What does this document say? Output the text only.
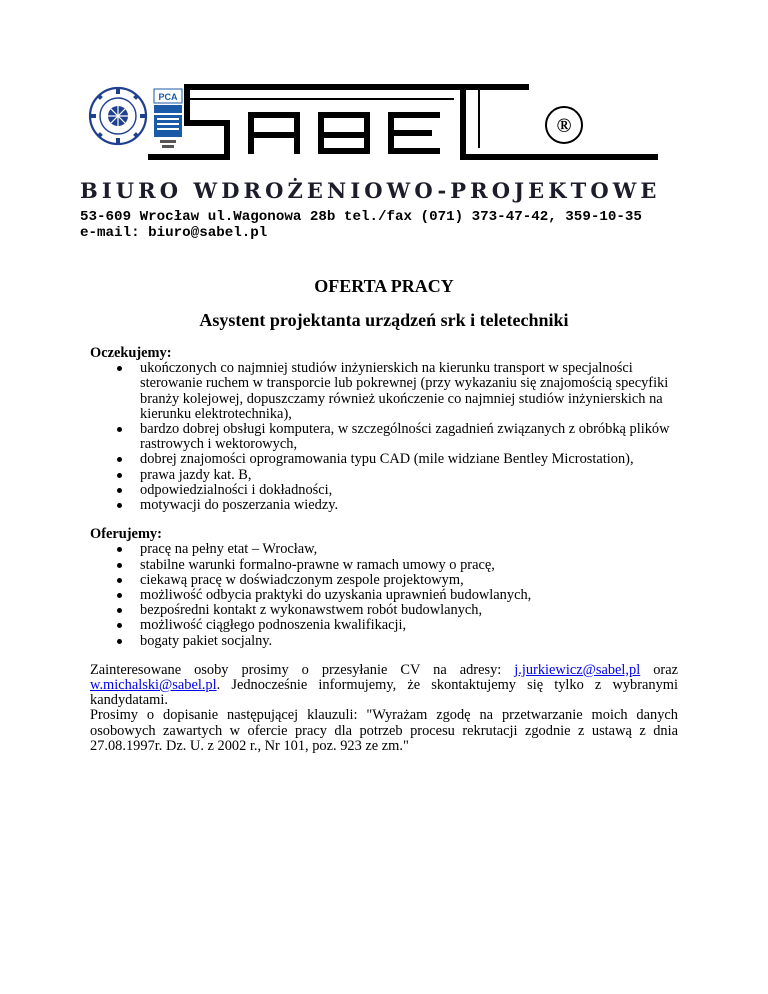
PCA
®
BIURO WDROŻENIOWO-PROJEKTOWE
53-609 Wrocław ul.Wagonowa 28b tel./fax (071) 373-47-42, 359-10-35
e-mail: biuro@sabel.pl
OFERTA PRACY
Asystent projektanta urządzeń srk i teletechniki

Oczekujemy:

ukończonych co najmniej studiów inżynierskich na kierunku transport w specjalności sterowanie ruchem w transporcie lub pokrewnej (przy wykazaniu się znajomością specyfiki branży kolejowej, dopuszczamy również ukończenie co najmniej studiów inżynierskich na kierunku elektrotechnika),
bardzo dobrej obsługi komputera, w szczególności zagadnień związanych z obróbką plików rastrowych i wektorowych,
dobrej znajomości oprogramowania typu CAD (mile widziane Bentley Microstation),
prawa jazdy kat. B,
odpowiedzialności i dokładności,
motywacji do poszerzania wiedzy.

Oferujemy:

pracę na pełny etat – Wrocław,
stabilne warunki formalno-prawne w ramach umowy o pracę,
ciekawą pracę w doświadczonym zespole projektowym,
możliwość odbycia praktyki do uzyskania uprawnień budowlanych,
bezpośredni kontakt z wykonawstwem robót budowlanych,
możliwość ciągłego podnoszenia kwalifikacji,
bogaty pakiet socjalny.

Zainteresowane osoby prosimy o przesyłanie CV na adresy: j.jurkiewicz@sabel,pl oraz w.michalski@sabel.pl. Jednocześnie informujemy, że skontaktujemy się tylko z wybranymi kandydatami.

Prosimy o dopisanie następującej klauzuli: "Wyrażam zgodę na przetwarzanie moich danych osobowych zawartych w ofercie pracy dla potrzeb procesu rekrutacji zgodnie z ustawą z dnia 27.08.1997r. Dz. U. z 2002 r., Nr 101, poz. 923 ze zm."
